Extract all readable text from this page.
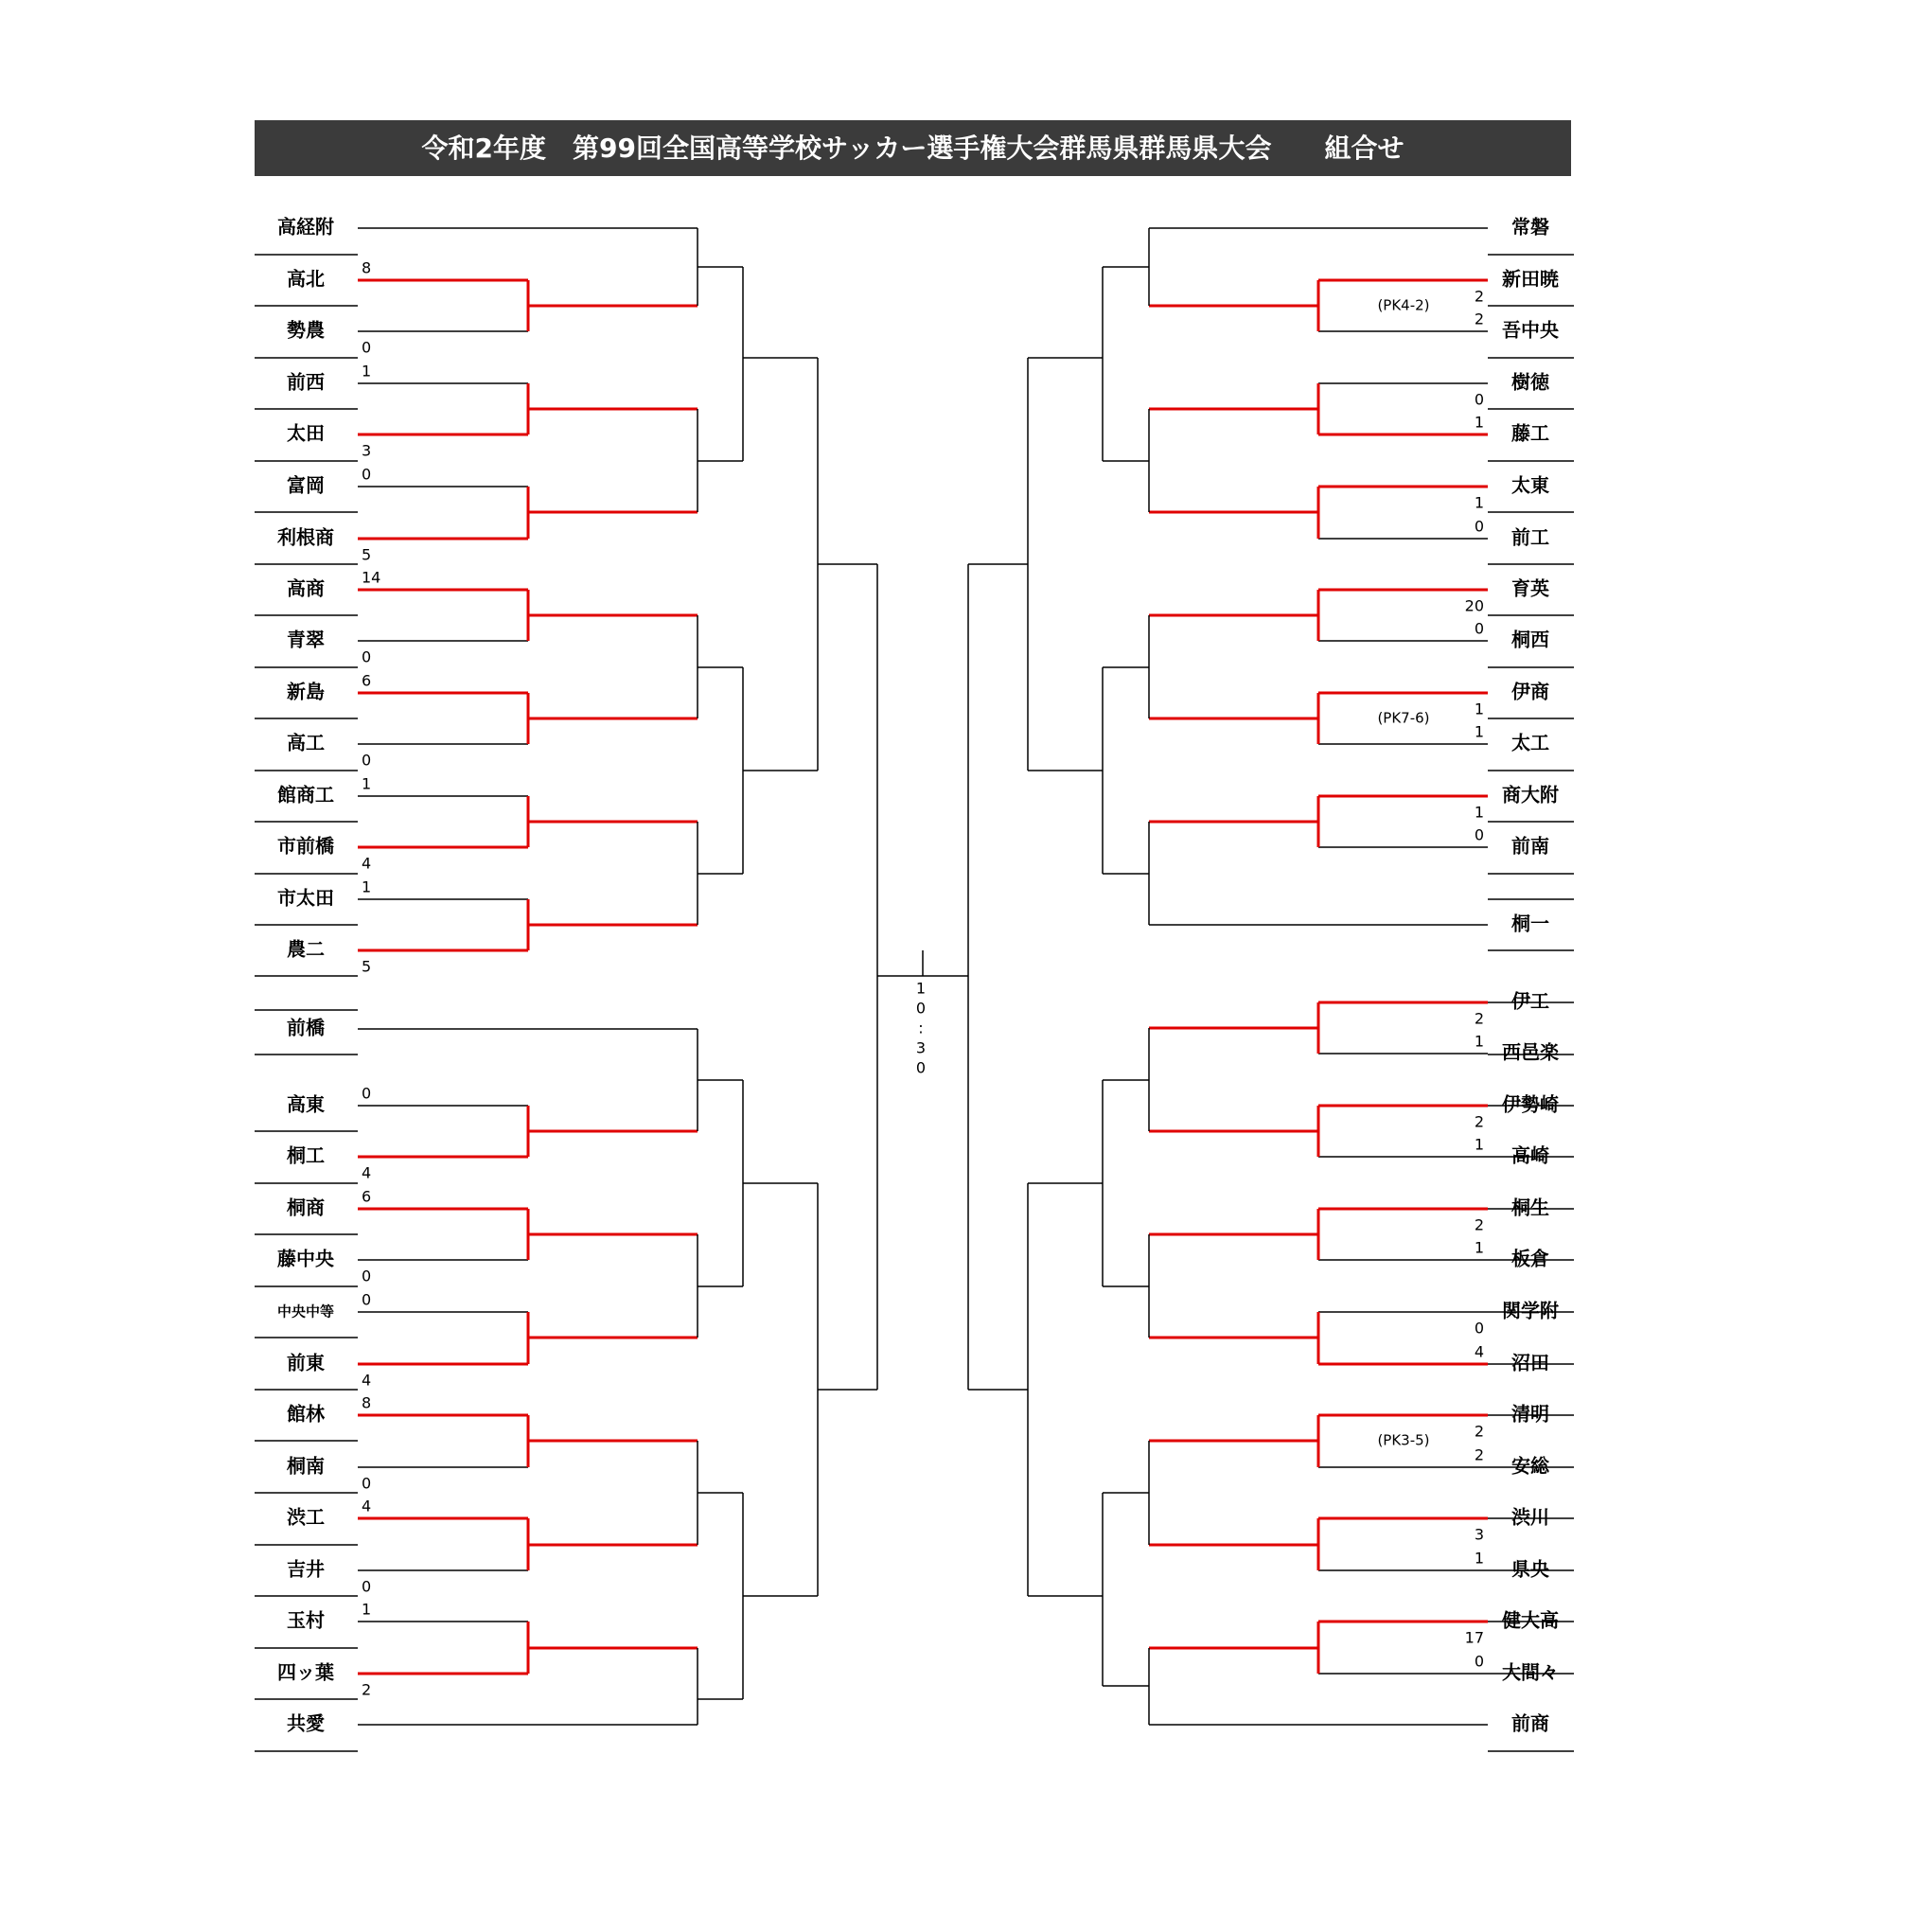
令和2年度　第99回全国高等学校サッカー選手権大会群馬県群馬県大会　　組合せ
高経附
高北
勢農
前西
太田
富岡
利根商
高商
青翠
新島
高工
館商工
市前橋
市太田
農二
前橋
高東
桐工
桐商
藤中央
中央中等
前東
館林
桐南
渋工
吉井
玉村
四ッ葉
共愛
常磐
新田暁
吾中央
樹徳
藤工
太東
前工
育英
桐西
伊商
太工
商大附
前南
桐一
伊工
西邑楽
伊勢崎
高崎
桐生
板倉
関学附
沼田
清明
安総
渋川
県央
健大高
大間々
前商
8
0
1
3
0
5
14
0
6
0
1
4
1
5
0
4
6
0
0
4
8
0
4
0
1
2
2
2
0
1
1
0
20
0
1
1
1
0
2
1
2
1
2
1
0
4
2
2
3
1
17
0
1
0
:
3
0
(PK4-2)
(PK7-6)
(PK3-5)
